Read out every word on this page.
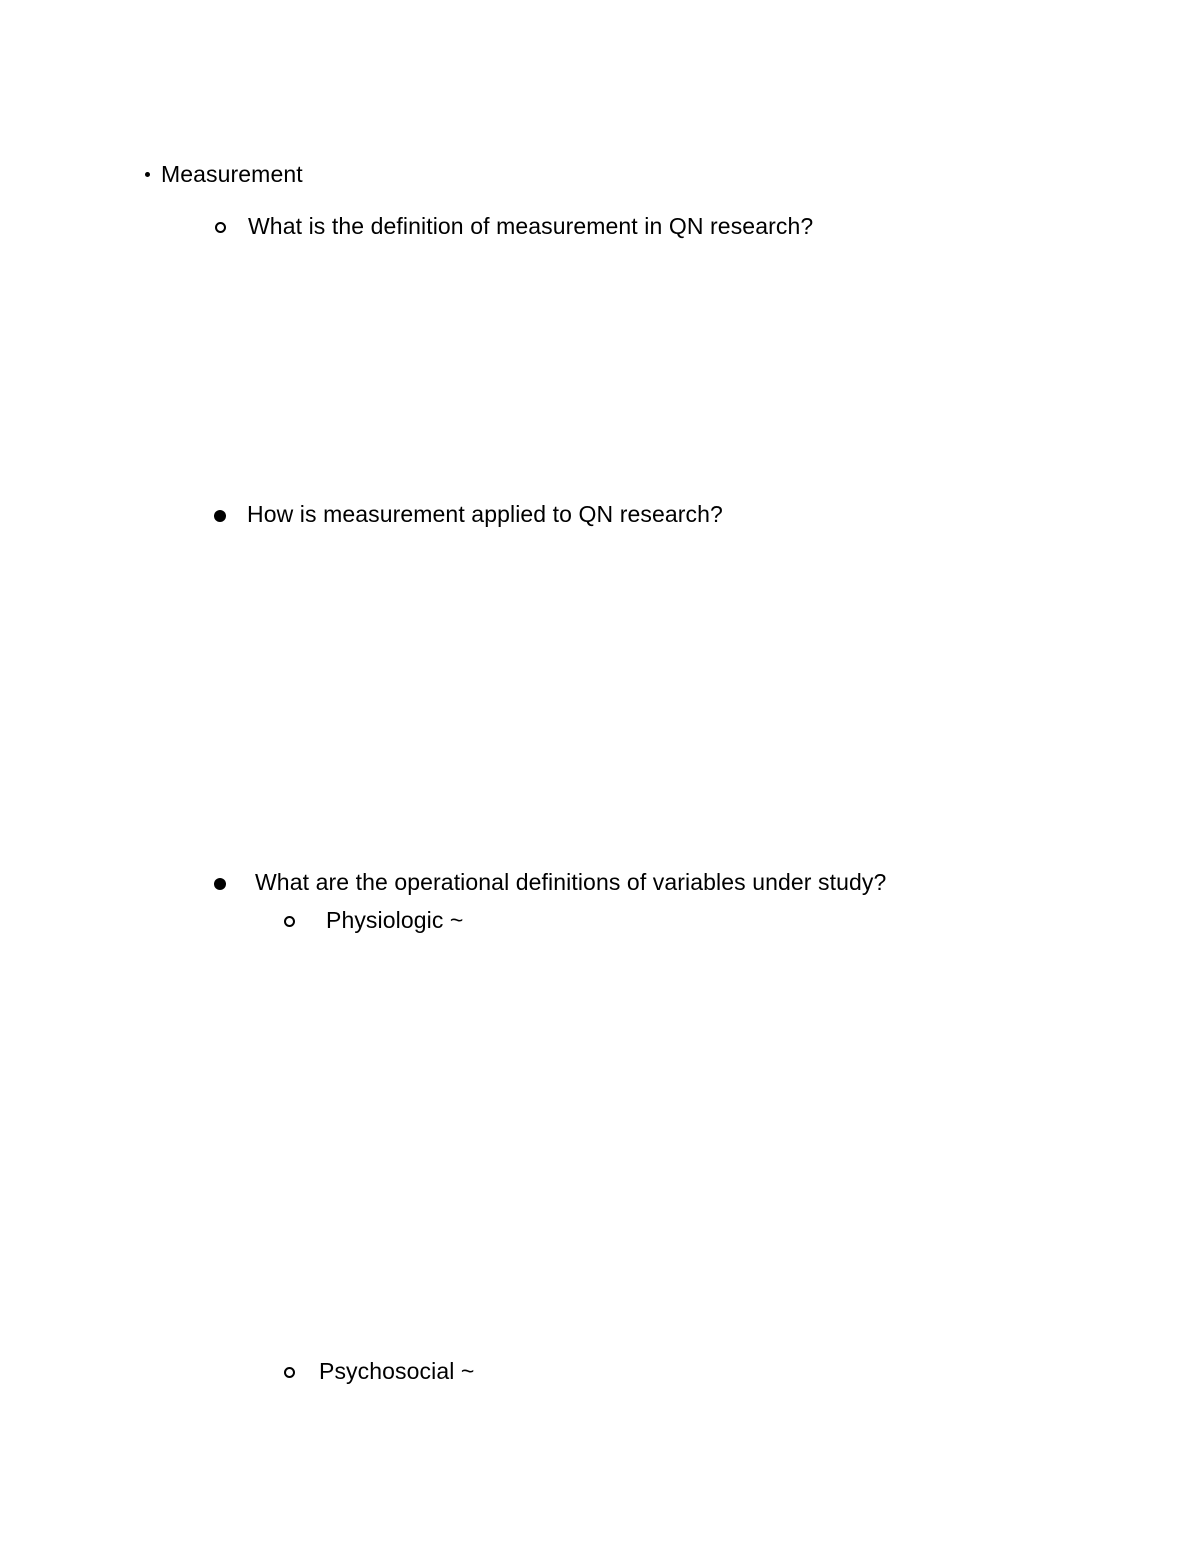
Measurement
What is the definition of measurement in QN research?
How is measurement applied to QN research?
What are the operational definitions of variables under study?
Physiologic ~
Psychosocial ~
